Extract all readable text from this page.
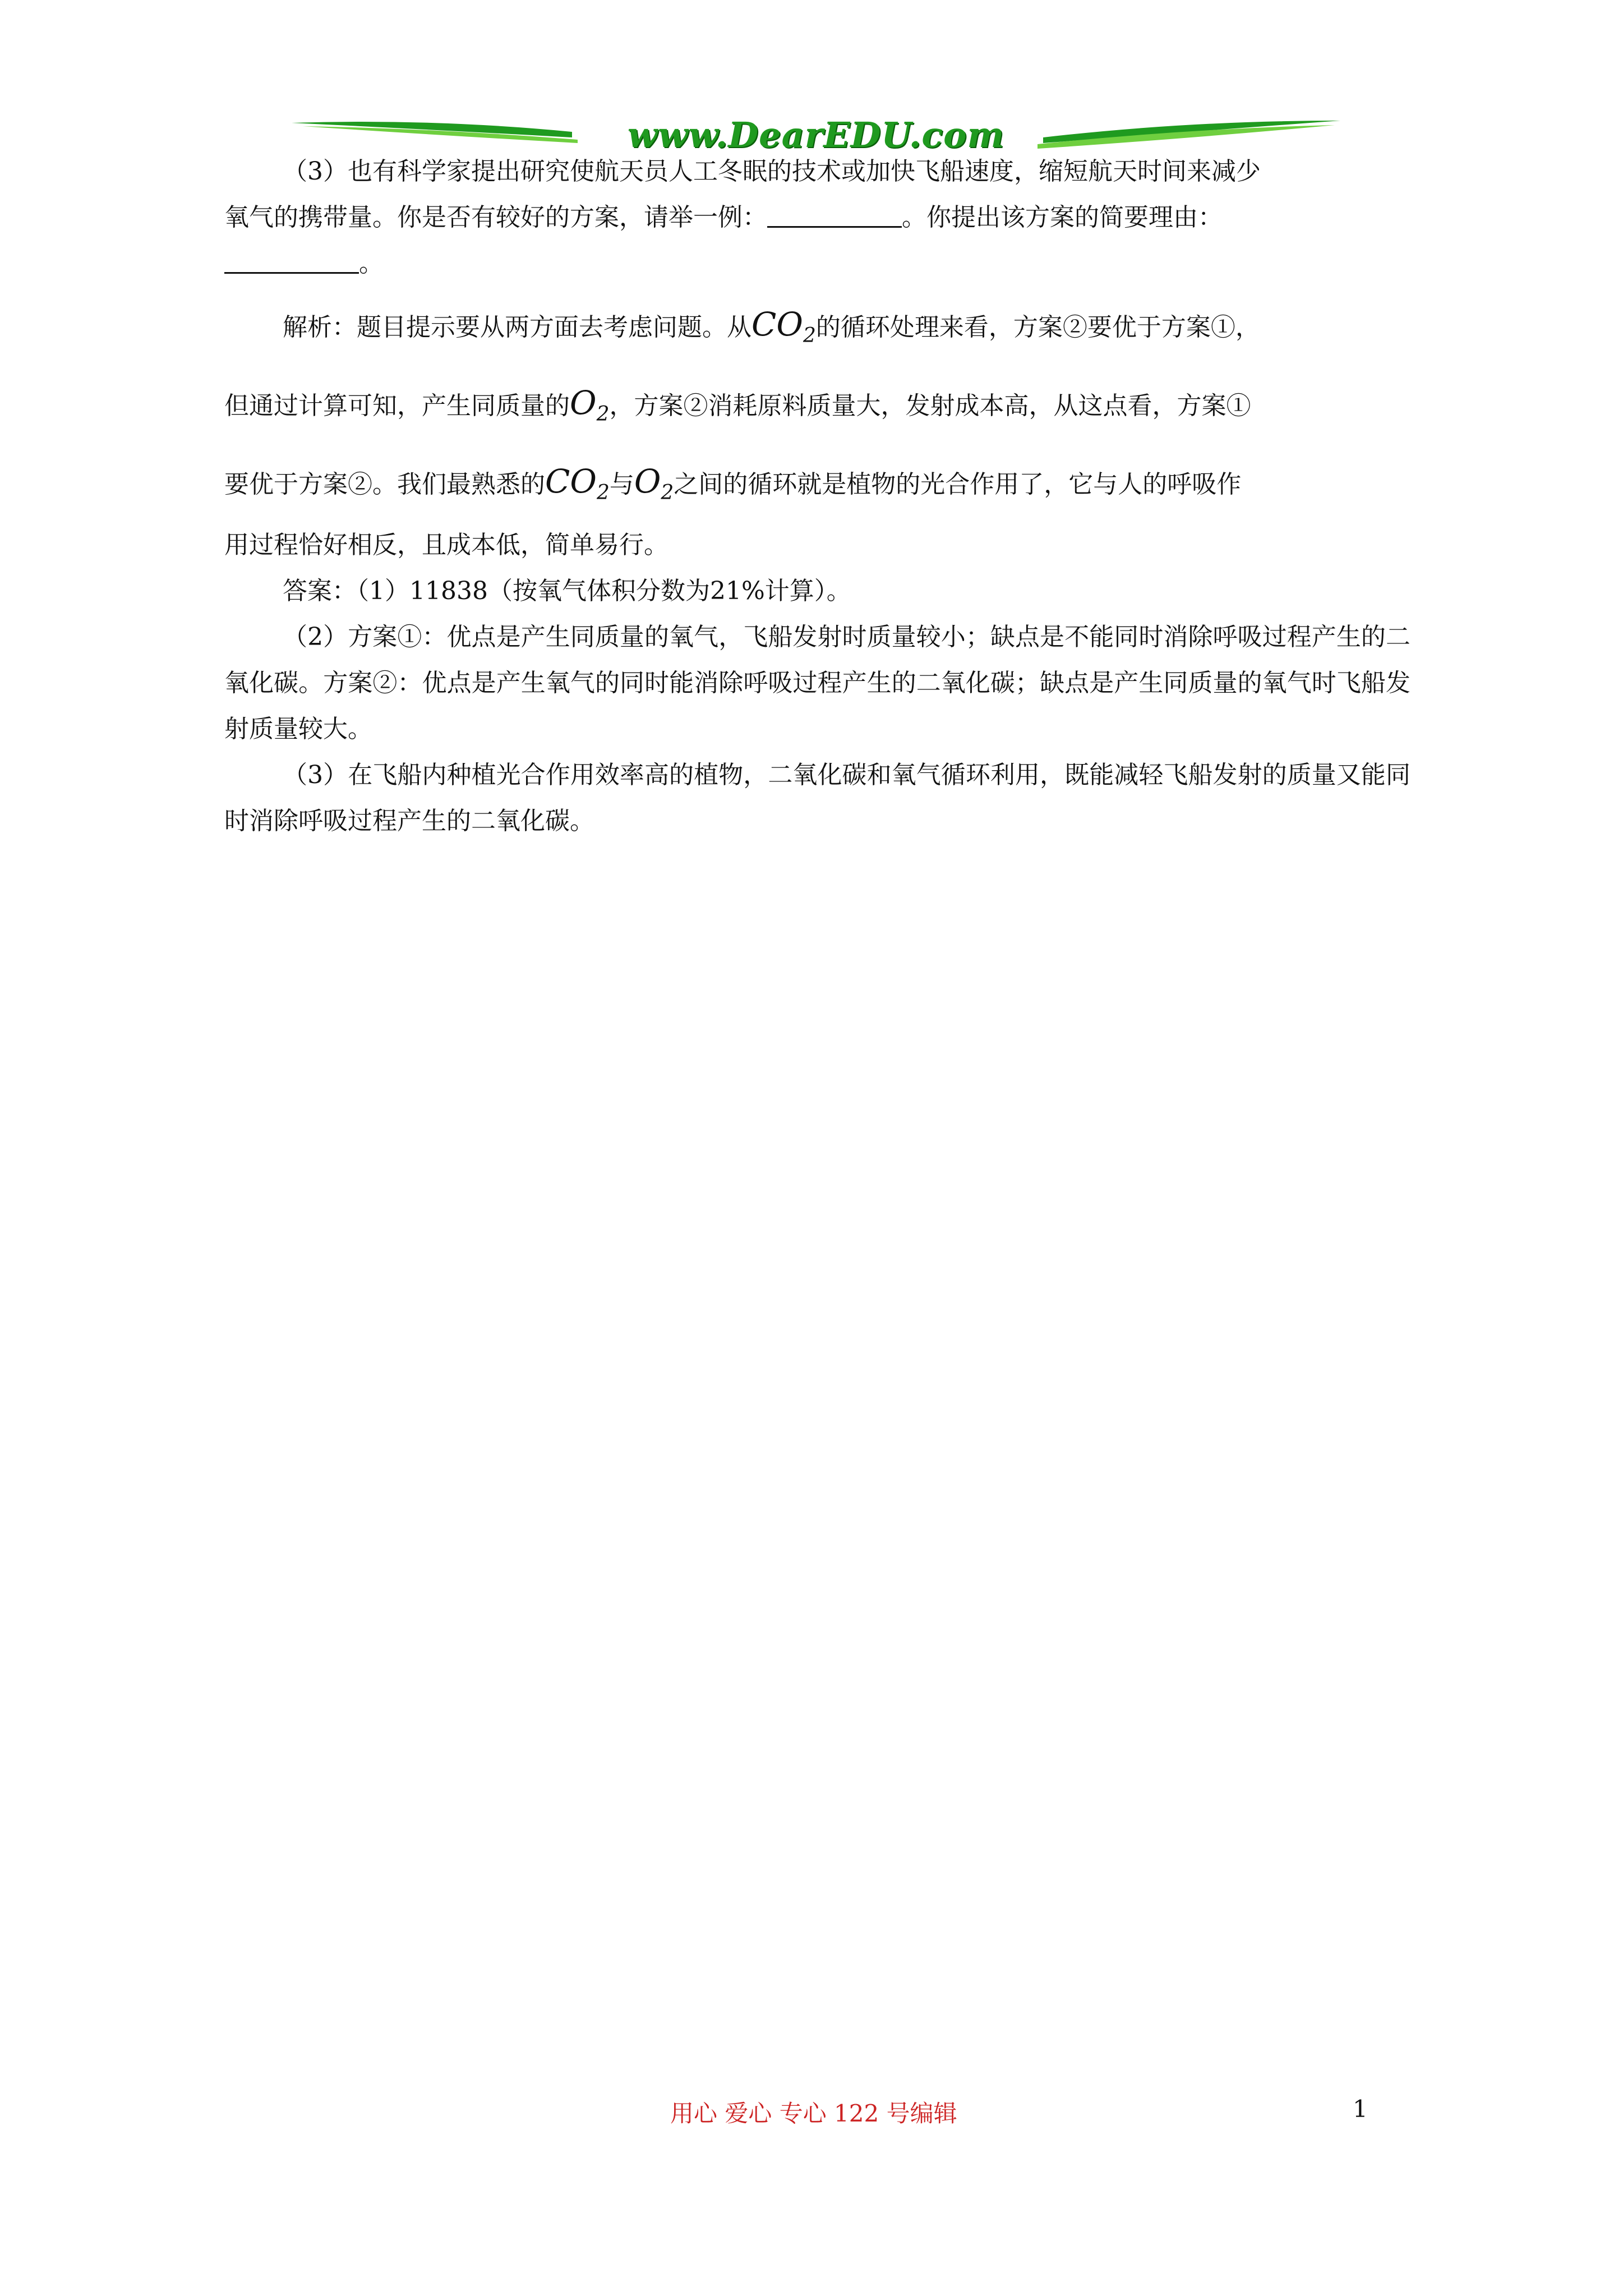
www.DearEDU.com

（3）也有科学家提出研究使航天员人工冬眠的技术或加快飞船速度，缩短航天时间来减少

氧气的携带量。你是否有较好的方案，请举一例：	。你提出该方案的简要理由：

。

解析：题目提示要从两方面去考虑问题。从$CO_2$的循环处理来看，方案②要优于方案①，

但通过计算可知，产生同质量的$O_2$，方案②消耗原料质量大，发射成本高，从这点看，方案①

要优于方案②。我们最熟悉的$CO_2$与$O_2$之间的循环就是植物的光合作用了，它与人的呼吸作

用过程恰好相反，且成本低，简单易行。

答案：（1）11838（按氧气体积分数为21%计算）。

（2）方案①：优点是产生同质量的氧气，飞船发射时质量较小；缺点是不能同时消除呼吸过程产生的二氧化碳。方案②：优点是产生氧气的同时能消除呼吸过程产生的二氧化碳；缺点是产生同质量的氧气时飞船发射质量较大。

（3）在飞船内种植光合作用效率高的植物，二氧化碳和氧气循环利用，既能减轻飞船发射的质量又能同时消除呼吸过程产生的二氧化碳。

用心 爱心 专心 122 号编辑	1
